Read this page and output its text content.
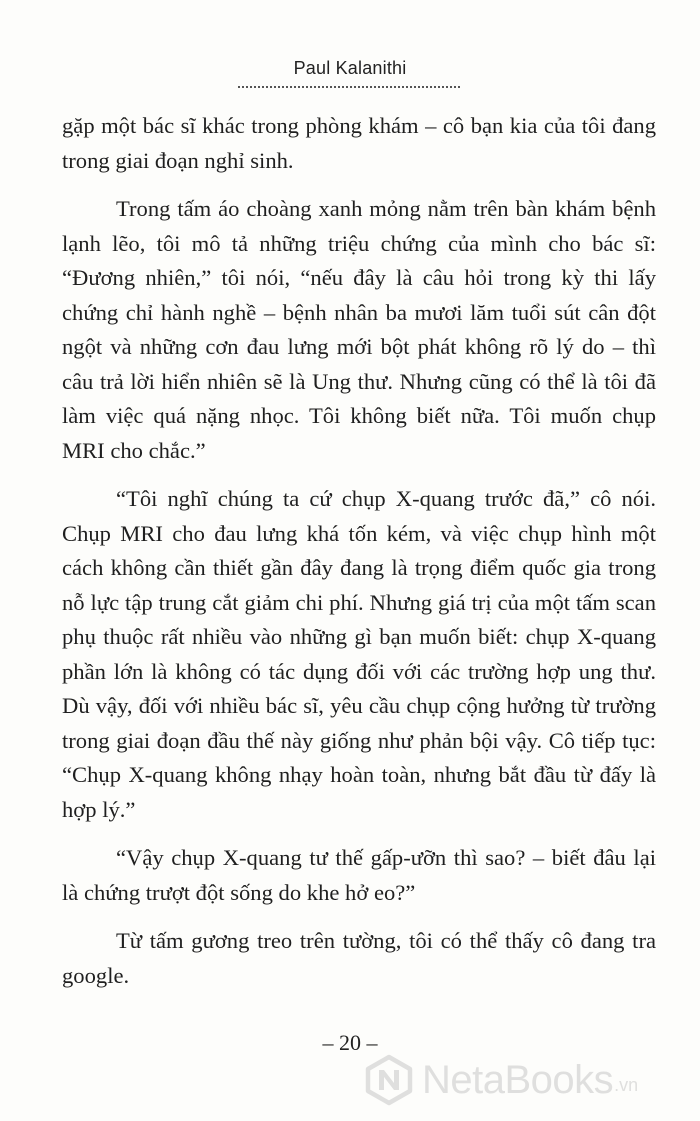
Paul Kalanithi

gặp một bác sĩ khác trong phòng khám – cô bạn kia của tôi đang trong giai đoạn nghỉ sinh.

Trong tấm áo choàng xanh mỏng nằm trên bàn khám bệnh lạnh lẽo, tôi mô tả những triệu chứng của mình cho bác sĩ: “Đương nhiên,” tôi nói, “nếu đây là câu hỏi trong kỳ thi lấy chứng chỉ hành nghề – bệnh nhân ba mươi lăm tuổi sút cân đột ngột và những cơn đau lưng mới bột phát không rõ lý do – thì câu trả lời hiển nhiên sẽ là Ung thư. Nhưng cũng có thể là tôi đã làm việc quá nặng nhọc. Tôi không biết nữa. Tôi muốn chụp MRI cho chắc.”

“Tôi nghĩ chúng ta cứ chụp X-quang trước đã,” cô nói. Chụp MRI cho đau lưng khá tốn kém, và việc chụp hình một cách không cần thiết gần đây đang là trọng điểm quốc gia trong nỗ lực tập trung cắt giảm chi phí. Nhưng giá trị của một tấm scan phụ thuộc rất nhiều vào những gì bạn muốn biết: chụp X-quang phần lớn là không có tác dụng đối với các trường hợp ung thư. Dù vậy, đối với nhiều bác sĩ, yêu cầu chụp cộng hưởng từ trường trong giai đoạn đầu thế này giống như phản bội vậy. Cô tiếp tục: “Chụp X-quang không nhạy hoàn toàn, nhưng bắt đầu từ đấy là hợp lý.”

“Vậy chụp X-quang tư thế gấp-ưỡn thì sao? – biết đâu lại là chứng trượt đột sống do khe hở eo?”

Từ tấm gương treo trên tường, tôi có thể thấy cô đang tra google.

– 20 –
NetaBooks .vn
